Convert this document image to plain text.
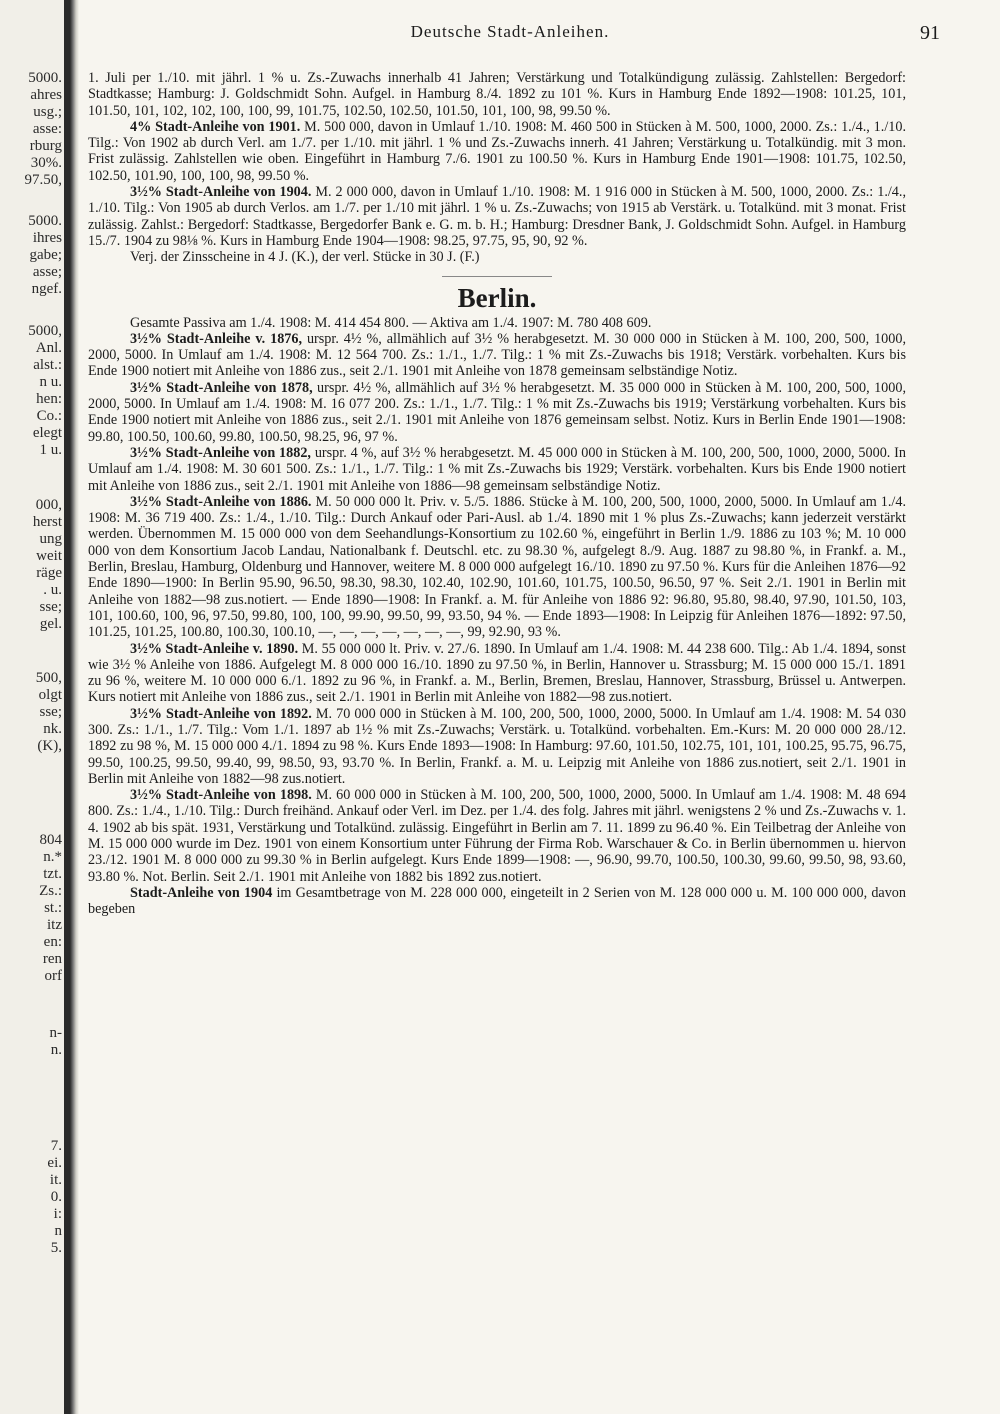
5000.
ahres
usg.;
asse:
rburg
30%.
97.50,
5000.
ihres
gabe;
asse;
ngef.
5000,
Anl.
alst.:
n u.
hen:
Co.:
elegt
1 u.
000,
herst
ung
weit
räge
. u.
sse;
gel.
500,
olgt
sse;
nk.
(K),
804
n.*
tzt.
Zs.:
st.:
itz
en:
ren
orf
n-
n.
7.
ei.
it.
0.
i:
n
5.
Deutsche Stadt-Anleihen.	91

1. Juli per 1./10. mit jährl. 1 % u. Zs.-Zuwachs innerhalb 41 Jahren; Verstärkung und Totalkündigung zulässig. Zahlstellen: Bergedorf: Stadtkasse; Hamburg: J. Goldschmidt Sohn. Aufgel. in Hamburg 8./4. 1892 zu 101 %. Kurs in Hamburg Ende 1892—1908: 101.25, 101, 101.50, 101, 102, 102, 100, 100, 99, 101.75, 102.50, 102.50, 101.50, 101, 100, 98, 99.50 %.

4% Stadt-Anleihe von 1901. M. 500 000, davon in Umlauf 1./10. 1908: M. 460 500 in Stücken à M. 500, 1000, 2000. Zs.: 1./4., 1./10. Tilg.: Von 1902 ab durch Verl. am 1./7. per 1./10. mit jährl. 1 % und Zs.-Zuwachs innerh. 41 Jahren; Verstärkung u. Totalkündig. mit 3 mon. Frist zulässig. Zahlstellen wie oben. Eingeführt in Hamburg 7./6. 1901 zu 100.50 %. Kurs in Hamburg Ende 1901—1908: 101.75, 102.50, 102.50, 101.90, 100, 100, 98, 99.50 %.

3½% Stadt-Anleihe von 1904. M. 2 000 000, davon in Umlauf 1./10. 1908: M. 1 916 000 in Stücken à M. 500, 1000, 2000. Zs.: 1./4., 1./10. Tilg.: Von 1905 ab durch Verlos. am 1./7. per 1./10 mit jährl. 1 % u. Zs.-Zuwachs; von 1915 ab Verstärk. u. Totalkünd. mit 3 monat. Frist zulässig. Zahlst.: Bergedorf: Stadtkasse, Bergedorfer Bank e. G. m. b. H.; Hamburg: Dresdner Bank, J. Goldschmidt Sohn. Aufgel. in Hamburg 15./7. 1904 zu 98⅛ %. Kurs in Hamburg Ende 1904—1908: 98.25, 97.75, 95, 90, 92 %.

Verj. der Zinsscheine in 4 J. (K.), der verl. Stücke in 30 J. (F.)

Berlin.

Gesamte Passiva am 1./4. 1908: M. 414 454 800. — Aktiva am 1./4. 1907: M. 780 408 609.

3½% Stadt-Anleihe v. 1876, urspr. 4½ %, allmählich auf 3½ % herabgesetzt. M. 30 000 000 in Stücken à M. 100, 200, 500, 1000, 2000, 5000. In Umlauf am 1./4. 1908: M. 12 564 700. Zs.: 1./1., 1./7. Tilg.: 1 % mit Zs.-Zuwachs bis 1918; Verstärk. vorbehalten. Kurs bis Ende 1900 notiert mit Anleihe von 1886 zus., seit 2./1. 1901 mit Anleihe von 1878 gemeinsam selbständige Notiz.

3½% Stadt-Anleihe von 1878, urspr. 4½ %, allmählich auf 3½ % herabgesetzt. M. 35 000 000 in Stücken à M. 100, 200, 500, 1000, 2000, 5000. In Umlauf am 1./4. 1908: M. 16 077 200. Zs.: 1./1., 1./7. Tilg.: 1 % mit Zs.-Zuwachs bis 1919; Verstärkung vorbehalten. Kurs bis Ende 1900 notiert mit Anleihe von 1886 zus., seit 2./1. 1901 mit Anleihe von 1876 gemeinsam selbst. Notiz. Kurs in Berlin Ende 1901—1908: 99.80, 100.50, 100.60, 99.80, 100.50, 98.25, 96, 97 %.

3½% Stadt-Anleihe von 1882, urspr. 4 %, auf 3½ % herabgesetzt. M. 45 000 000 in Stücken à M. 100, 200, 500, 1000, 2000, 5000. In Umlauf am 1./4. 1908: M. 30 601 500. Zs.: 1./1., 1./7. Tilg.: 1 % mit Zs.-Zuwachs bis 1929; Verstärk. vorbehalten. Kurs bis Ende 1900 notiert mit Anleihe von 1886 zus., seit 2./1. 1901 mit Anleihe von 1886—98 gemeinsam selbständige Notiz.

3½% Stadt-Anleihe von 1886. M. 50 000 000 lt. Priv. v. 5./5. 1886. Stücke à M. 100, 200, 500, 1000, 2000, 5000. In Umlauf am 1./4. 1908: M. 36 719 400. Zs.: 1./4., 1./10. Tilg.: Durch Ankauf oder Pari-Ausl. ab 1./4. 1890 mit 1 % plus Zs.-Zuwachs; kann jederzeit verstärkt werden. Übernommen M. 15 000 000 von dem Seehandlungs-Konsortium zu 102.60 %, eingeführt in Berlin 1./9. 1886 zu 103 %; M. 10 000 000 von dem Konsortium Jacob Landau, Nationalbank f. Deutschl. etc. zu 98.30 %, aufgelegt 8./9. Aug. 1887 zu 98.80 %, in Frankf. a. M., Berlin, Breslau, Hamburg, Oldenburg und Hannover, weitere M. 8 000 000 aufgelegt 16./10. 1890 zu 97.50 %. Kurs für die Anleihen 1876—92 Ende 1890—1900: In Berlin 95.90, 96.50, 98.30, 98.30, 102.40, 102.90, 101.60, 101.75, 100.50, 96.50, 97 %. Seit 2./1. 1901 in Berlin mit Anleihe von 1882—98 zus.notiert. — Ende 1890—1908: In Frankf. a. M. für Anleihe von 1886 92: 96.80, 95.80, 98.40, 97.90, 101.50, 103, 101, 100.60, 100, 96, 97.50, 99.80, 100, 100, 99.90, 99.50, 99, 93.50, 94 %. — Ende 1893—1908: In Leipzig für Anleihen 1876—1892: 97.50, 101.25, 101.25, 100.80, 100.30, 100.10, —, —, —, —, —, —, —, 99, 92.90, 93 %.

3½% Stadt-Anleihe v. 1890. M. 55 000 000 lt. Priv. v. 27./6. 1890. In Umlauf am 1./4. 1908: M. 44 238 600. Tilg.: Ab 1./4. 1894, sonst wie 3½ % Anleihe von 1886. Aufgelegt M. 8 000 000 16./10. 1890 zu 97.50 %, in Berlin, Hannover u. Strassburg; M. 15 000 000 15./1. 1891 zu 96 %, weitere M. 10 000 000 6./1. 1892 zu 96 %, in Frankf. a. M., Berlin, Bremen, Breslau, Hannover, Strassburg, Brüssel u. Antwerpen. Kurs notiert mit Anleihe von 1886 zus., seit 2./1. 1901 in Berlin mit Anleihe von 1882—98 zus.notiert.

3½% Stadt-Anleihe von 1892. M. 70 000 000 in Stücken à M. 100, 200, 500, 1000, 2000, 5000. In Umlauf am 1./4. 1908: M. 54 030 300. Zs.: 1./1., 1./7. Tilg.: Vom 1./1. 1897 ab 1½ % mit Zs.-Zuwachs; Verstärk. u. Totalkünd. vorbehalten. Em.-Kurs: M. 20 000 000 28./12. 1892 zu 98 %, M. 15 000 000 4./1. 1894 zu 98 %. Kurs Ende 1893—1908: In Hamburg: 97.60, 101.50, 102.75, 101, 101, 100.25, 95.75, 96.75, 99.50, 100.25, 99.50, 99.40, 99, 98.50, 93, 93.70 %. In Berlin, Frankf. a. M. u. Leipzig mit Anleihe von 1886 zus.notiert, seit 2./1. 1901 in Berlin mit Anleihe von 1882—98 zus.notiert.

3½% Stadt-Anleihe von 1898. M. 60 000 000 in Stücken à M. 100, 200, 500, 1000, 2000, 5000. In Umlauf am 1./4. 1908: M. 48 694 800. Zs.: 1./4., 1./10. Tilg.: Durch freihänd. Ankauf oder Verl. im Dez. per 1./4. des folg. Jahres mit jährl. wenigstens 2 % und Zs.-Zuwachs v. 1. 4. 1902 ab bis spät. 1931, Verstärkung und Totalkünd. zulässig. Eingeführt in Berlin am 7. 11. 1899 zu 96.40 %. Ein Teilbetrag der Anleihe von M. 15 000 000 wurde im Dez. 1901 von einem Konsortium unter Führung der Firma Rob. Warschauer & Co. in Berlin übernommen u. hiervon 23./12. 1901 M. 8 000 000 zu 99.30 % in Berlin aufgelegt. Kurs Ende 1899—1908: —, 96.90, 99.70, 100.50, 100.30, 99.60, 99.50, 98, 93.60, 93.80 %. Not. Berlin. Seit 2./1. 1901 mit Anleihe von 1882 bis 1892 zus.notiert.

Stadt-Anleihe von 1904 im Gesamtbetrage von M. 228 000 000, eingeteilt in 2 Serien von M. 128 000 000 u. M. 100 000 000, davon begeben
